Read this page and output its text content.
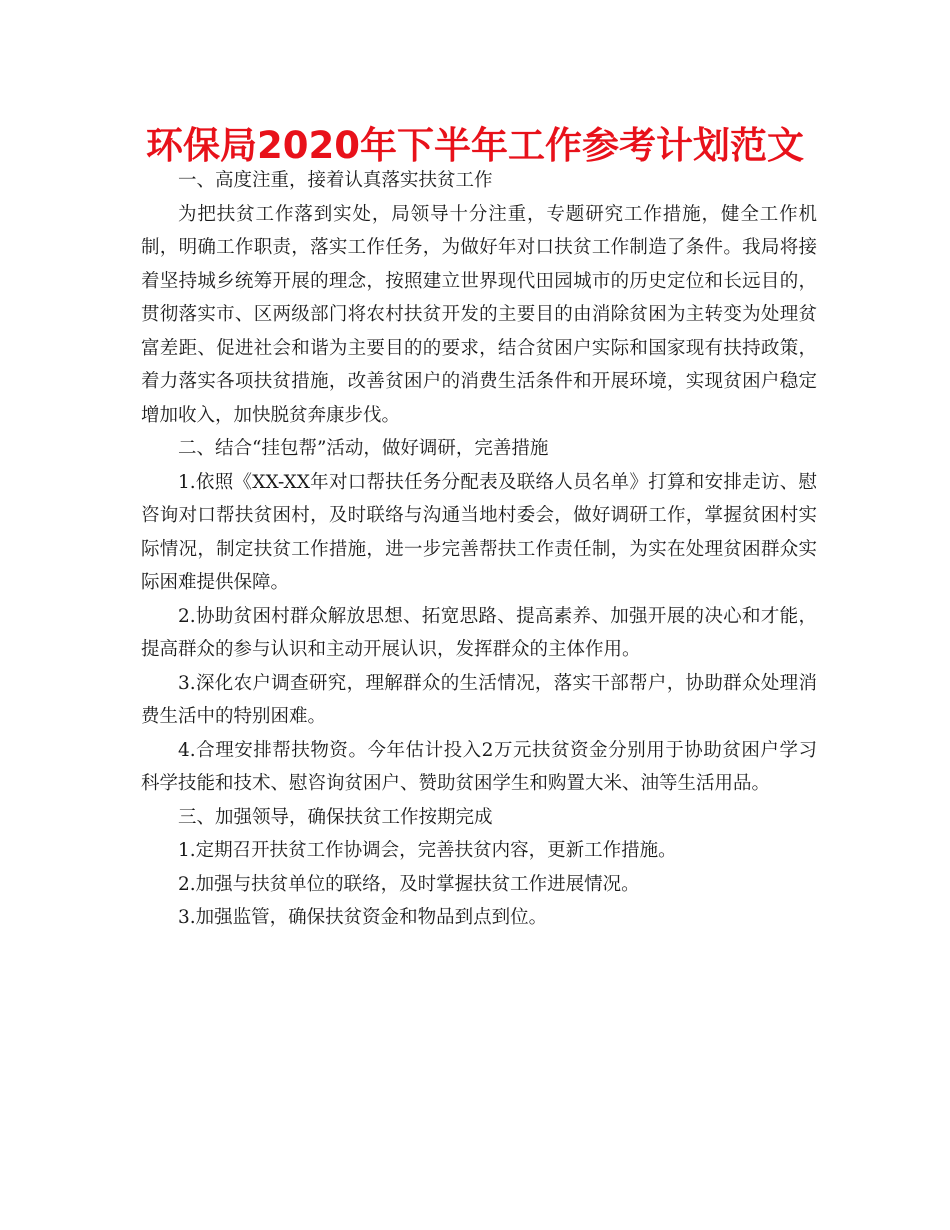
环保局2020年下半年工作参考计划范文

一、高度注重，接着认真落实扶贫工作

为把扶贫工作落到实处，局领导十分注重，专题研究工作措施，健全工作机制，明确工作职责，落实工作任务，为做好年对口扶贫工作制造了条件。我局将接着坚持城乡统筹开展的理念，按照建立世界现代田园城市的历史定位和长远目的，贯彻落实市、区两级部门将农村扶贫开发的主要目的由消除贫困为主转变为处理贫富差距、促进社会和谐为主要目的的要求，结合贫困户实际和国家现有扶持政策，着力落实各项扶贫措施，改善贫困户的消费生活条件和开展环境，实现贫困户稳定增加收入，加快脱贫奔康步伐。

二、结合“挂包帮”活动，做好调研，完善措施

1.依照《XX-XX年对口帮扶任务分配表及联络人员名单》打算和安排走访、慰咨询对口帮扶贫困村，及时联络与沟通当地村委会，做好调研工作，掌握贫困村实际情况，制定扶贫工作措施，进一步完善帮扶工作责任制，为实在处理贫困群众实际困难提供保障。

2.协助贫困村群众解放思想、拓宽思路、提高素养、加强开展的决心和才能，提高群众的参与认识和主动开展认识，发挥群众的主体作用。

3.深化农户调查研究，理解群众的生活情况，落实干部帮户，协助群众处理消费生活中的特别困难。

4.合理安排帮扶物资。今年估计投入2万元扶贫资金分别用于协助贫困户学习科学技能和技术、慰咨询贫困户、赞助贫困学生和购置大米、油等生活用品。

三、加强领导，确保扶贫工作按期完成

1.定期召开扶贫工作协调会，完善扶贫内容，更新工作措施。

2.加强与扶贫单位的联络，及时掌握扶贫工作进展情况。

3.加强监管，确保扶贫资金和物品到点到位。
